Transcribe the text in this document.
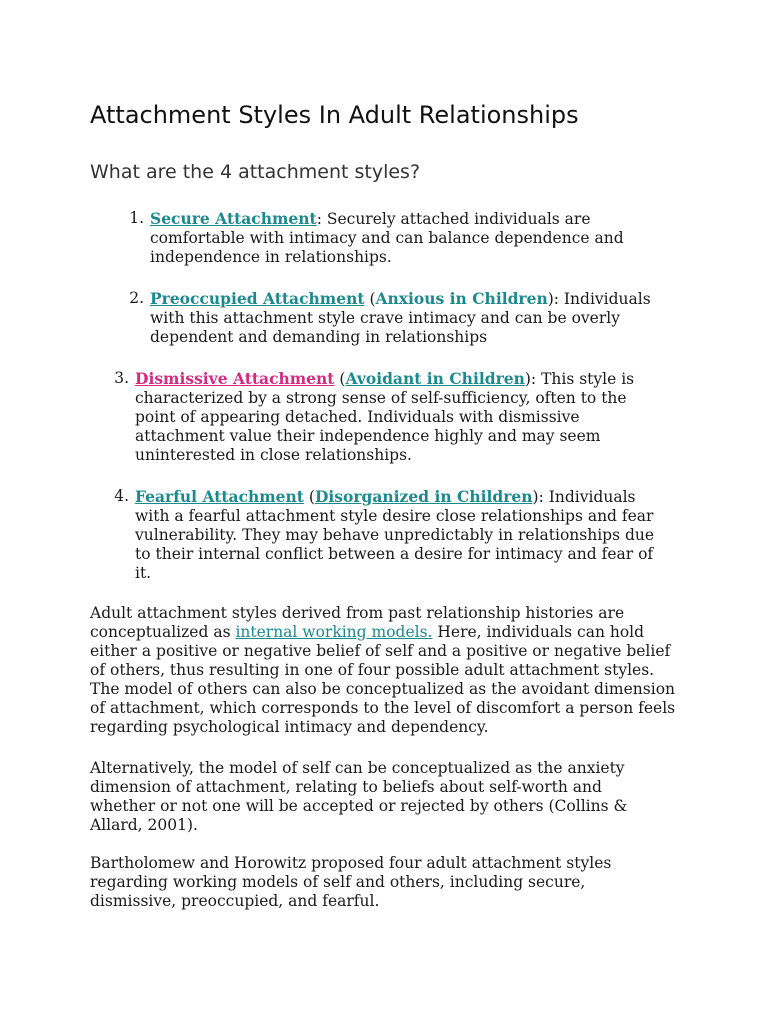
Attachment Styles In Adult Relationships
What are the 4 attachment styles?
1. Secure Attachment: Securely attached individuals are comfortable with intimacy and can balance dependence and independence in relationships.
2. Preoccupied Attachment (Anxious in Children): Individuals with this attachment style crave intimacy and can be overly dependent and demanding in relationships
3. Dismissive Attachment (Avoidant in Children): This style is characterized by a strong sense of self-sufficiency, often to the point of appearing detached. Individuals with dismissive attachment value their independence highly and may seem uninterested in close relationships.
4. Fearful Attachment (Disorganized in Children): Individuals with a fearful attachment style desire close relationships and fear vulnerability. They may behave unpredictably in relationships due to their internal conflict between a desire for intimacy and fear of it.

Adult attachment styles derived from past relationship histories are conceptualized as internal working models. Here, individuals can hold either a positive or negative belief of self and a positive or negative belief of others, thus resulting in one of four possible adult attachment styles. The model of others can also be conceptualized as the avoidant dimension of attachment, which corresponds to the level of discomfort a person feels regarding psychological intimacy and dependency.

Alternatively, the model of self can be conceptualized as the anxiety dimension of attachment, relating to beliefs about self-worth and whether or not one will be accepted or rejected by others (Collins & Allard, 2001).

Bartholomew and Horowitz proposed four adult attachment styles regarding working models of self and others, including secure, dismissive, preoccupied, and fearful.
